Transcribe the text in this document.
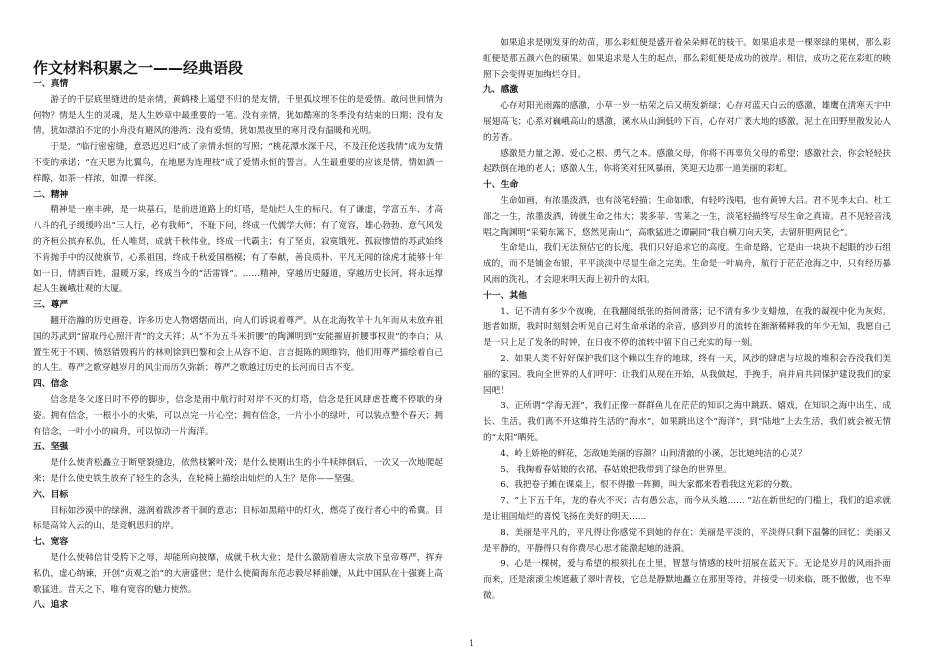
作文材料积累之一——经典语段
一、真情

游子的千层底里缝进的是亲情，黄鹤楼上遥望不归的是友情，千里孤坟埋不住的是爱情。敢问世间情为何物？情是人生的灵魂，是人生妙章中最重要的一笔。没有亲情，犹如酷寒的冬季没有结束的日期；没有友情，犹如漂泊不定的小舟没有避风的港湾；没有爱情，犹如黑夜里的寒月没有温暖和光明。

于是，“临行密密缝，意恐迟迟归”成了亲情永恒的写照；“桃花潭水深千尺，不及汪伦送我情”成为友情不变的承诺；“在天愿为比翼鸟，在地愿为连理枝”成了爱情永恒的誓言。人生最重要的应该是情，情如酒一样醇，如茶一样浓，如潭一样深。

二、精神

精神是一座丰碑，是一块基石，是前进道路上的灯塔，是灿烂人生的标尺。有了谦虚，学富五车、才高八斗的孔子缓缓吟出“三人行，必有我师”，不耻下问，终成一代儒学大师；有了宽容，雄心勃勃、意气风发的齐桓公摈弃私仇，任人唯贤，成就千秋伟业，终成一代霸主；有了坚贞，寂寞饿死、孤寂惨惜的苏武始终不肯抛手中的汉使旗节，心系祖国，终成千秋爱国楷模；有了奉献，善良质朴、平凡无闻的徐虎才能够十年如一日，情洒百姓，温暖万家，终成当今的“活雷锋”。……精神，穿越历史隧道，穿越历史长河，将永远撑起人生巍峨壮观的大厦。

三、尊严

翻开浩瀚的历史画卷，许多历史人物熠熠而出，向人们诉说着尊严。从在北海牧羊十九年而从未放弃祖国的苏武到“留取丹心照汗青”的文天祥；从“不为五斗米折腰”的陶渊明到“安能摧眉折腰事权贵”的李白；从置生死于不顾、愤怒错毁鸦片的林则徐到巴黎和会上从容不迫、言言挺陈的顾维钧，他们用尊严描绘着自己的人生。尊严之歌穿越岁月的风尘而历久弥新；尊严之歌越过历史的长河而日古不变。

四、信念

信念是冬父逐日时不停的脚步，信念是雨中航行时对岸不灭的灯塔，信念是狂风肆虐苍鹰不停歇的身姿。拥有信念，一根小小的火柴，可以点完一片心空；拥有信念，一片小小的绿叶，可以装点整个春天；拥有信念，一叶小小的扁舟，可以惊动一片海洋。

五、坚强

是什么使青松矗立于断壁裂缝边，依然枝繁叶茂；是什么使刚出生的小牛犊摔倒后，一次又一次地爬起来；是什么使史铁生放弃了轻生的念头，在轮椅上描绘出灿烂的人生？是你——坚强。

六、目标

目标如沙漠中的绿洲，滋润着跋涉者干涸的意志；目标如黑暗中的灯火，燃亮了夜行者心中的希冀。目标是高耸入云的山，是竞帆思归的岸。

七、宽容

是什么使韩信甘受胯下之辱，却能所向披靡，成就千秋大业；是什么激励着唐太宗放下皇帝尊严，挥弃私仇，虚心纳谏，开创“贞观之治”的大唐盛世；是什么使蔺海东范志毅尽释前嫌，从此中国队在十强赛上高歌猛进。昔天之下，唯有宽容的魅力使然。

八、追求

如果追求是刚发芽的幼苗，那么彩虹便是盛开着朵朵鲜花的枝干。如果追求是一棵翠绿的果树，那么彩虹便是那五颜六色的硕果。如果追求是人生的起点，那么彩虹便是成功的彼岸。相信，成功之花在彩虹的映照下会变得更加绚烂夺目。

九、感激

心存对阳光雨露的感激，小草一岁一枯荣之后又萌发新绿；心存对蓝天白云的感激，雄鹰在清寒天宇中展翅高飞；心系对巍峨高山的感激，溪水从山涧低吟下百，心存对广袤大地的感激，泥土在田野里散发沁人的芳香。

感激是力量之源、爱心之根、勇气之本。感激父母，你将不再辜负父母的希望；感激社会，你会轻轻扶起跌倒在地的老人；感激人生，你将笑对狂风暴雨，笑迎天边那一道美丽的彩虹。

十、生命

生命如画，有浓墨泼洒，也有淡笔轻描；生命如歌，有轻吟浅唱，也有黄钟大吕。君不见李太白、杜工部之一生，浓墨泼洒，铸就生命之伟大；裴多菲、雪莱之一生，淡笔轻描终写尽生命之真谛。君不见轻音浅唱之陶渊明“采菊东篱下，悠然见南山”，高歌猛进之谭嗣同“我自横刀向天笑，去留肝胆两昆仑”。

生命是山，我们无法预估它的长度，我们只好追求它的高度。生命是路，它是由一块块不起眼的沙石组成的，而不是铺金布银，平平淡淡中尽显生命之完美。生命是一叶扁舟，航行于茫茫沧海之中，只有经历暴风雨的洗礼，才会迎来明天海上初升的太阳。

十一、其他

1、记不清有多少个夜晚，在我翻阅纸张的指间滑落；记不清有多少支蜡烛，在我的凝视中化为灰烬。逝者如斯，我时时刻刻会听见自己对生命承诺的余音，感到岁月的流转在渐渐稀释我的年少无知，我愿自己是一只上足了发条的时钟，在日夜不停的流转中留下自己充实的每一刻。

2、如果人类不好好保护我们这个赖以生存的地球，终有一天，风沙的肆虐与垃圾的堆积会吞没我们美丽的家园。我向全世界的人们呼吁：让我们从现在开始，从我做起，手挽手，肩并肩共同保护建设我们的家园吧！

3、正所谓“学海无涯”，我们正像一群群鱼儿在茫茫的知识之海中跳跃、嬉戏，在知识之海中出生、成长、生活。我们离不开这維持生活的“海水”，如果跳出这个“海洋”，到“陆地”上去生活，我们就会被无情的“太阳”晒死。

4、岭上娇艳的鲜花，怎敌她美丽的容颜？山间清澈的小溪，怎比她纯洁的心灵？

5、 我掬着春姑娘的衣裙，春姑娘把我带到了绿色的世界里。

6、我把卷子摊在课桌上，恨不得撒一阵狮，叫大家都来看看我这光彩的分数。

7、“上下五千年，龙的春火不灭；古有愚公志，而今从头越…… ”站在新世纪的门槛上，我们的追求就是让祖国灿烂的喜悦飞扬在美好的明天……

8、美丽是平凡的，平凡得让你感觉不到她的存在；美丽是平淡的，平淡得只剩下温馨的回忆；美丽又是平静的，平静得只有你费尽心思才能激起她的涟漪。

9、心是一棵树，爱与希望的根须扎在土里，智慧与情感的枝叶招展在蓝天下。无论是岁月的风雨扑面而来，还是滚滚尘埃遮蔽了翠叶青枝，它总是静默地矗立在那里等待，并接受一切来临，既不傲傲，也不卑微。

1
